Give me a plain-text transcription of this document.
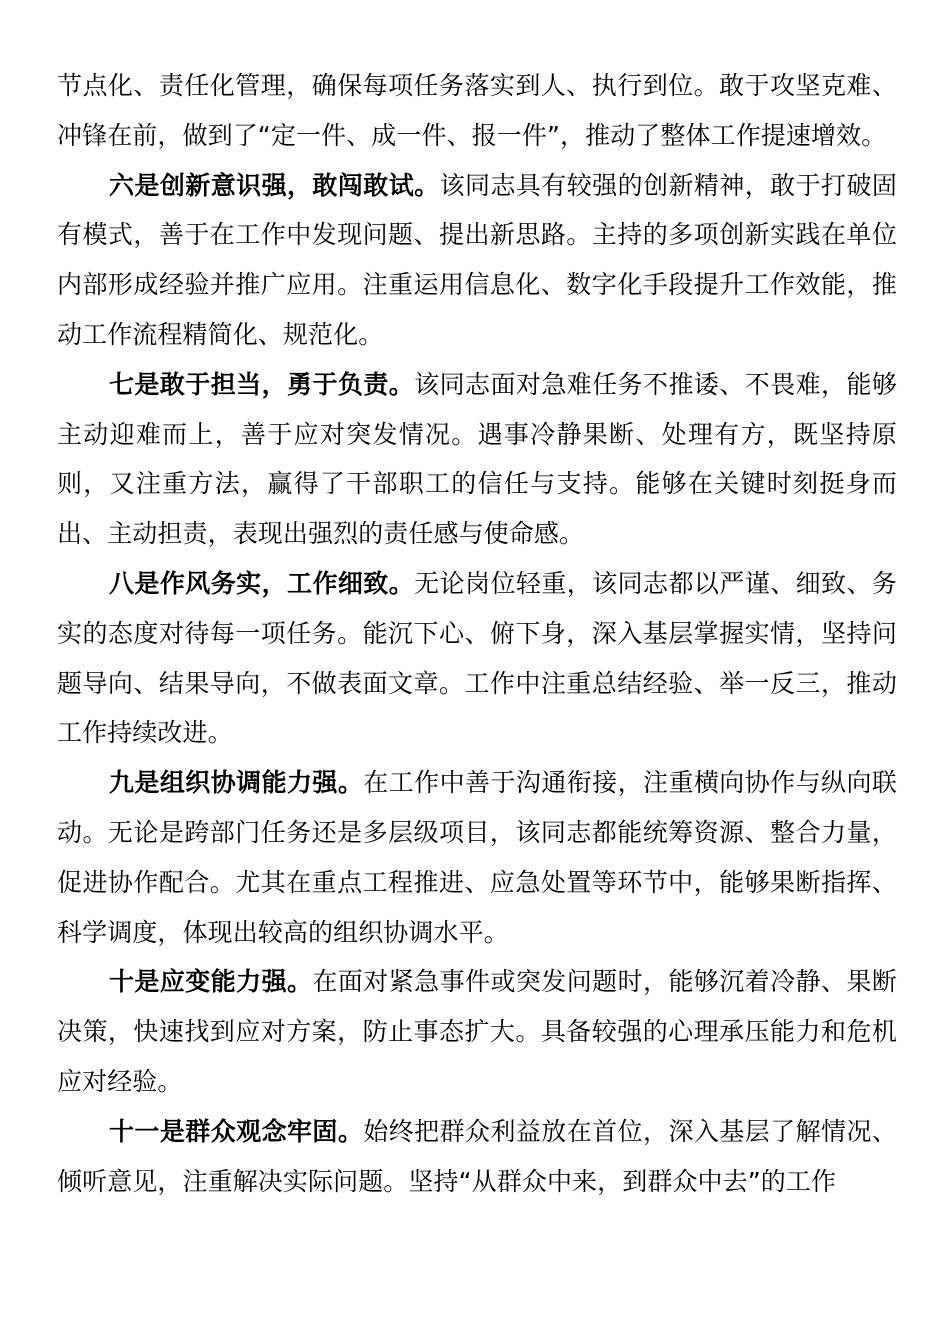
节点化、责任化管理，确保每项任务落实到人、执行到位。敢于攻坚克难、冲锋在前，做到了“定一件、成一件、报一件”，推动了整体工作提速增效。

六是创新意识强，敢闯敢试。该同志具有较强的创新精神，敢于打破固有模式，善于在工作中发现问题、提出新思路。主持的多项创新实践在单位内部形成经验并推广应用。注重运用信息化、数字化手段提升工作效能，推动工作流程精简化、规范化。

七是敢于担当，勇于负责。该同志面对急难任务不推诿、不畏难，能够主动迎难而上，善于应对突发情况。遇事冷静果断、处理有方，既坚持原则，又注重方法，赢得了干部职工的信任与支持。能够在关键时刻挺身而出、主动担责，表现出强烈的责任感与使命感。

八是作风务实，工作细致。无论岗位轻重，该同志都以严谨、细致、务实的态度对待每一项任务。能沉下心、俯下身，深入基层掌握实情，坚持问题导向、结果导向，不做表面文章。工作中注重总结经验、举一反三，推动工作持续改进。

九是组织协调能力强。在工作中善于沟通衔接，注重横向协作与纵向联动。无论是跨部门任务还是多层级项目，该同志都能统筹资源、整合力量，促进协作配合。尤其在重点工程推进、应急处置等环节中，能够果断指挥、科学调度，体现出较高的组织协调水平。

十是应变能力强。在面对紧急事件或突发问题时，能够沉着冷静、果断决策，快速找到应对方案，防止事态扩大。具备较强的心理承压能力和危机应对经验。

十一是群众观念牢固。始终把群众利益放在首位，深入基层了解情况、倾听意见，注重解决实际问题。坚持“从群众中来，到群众中去”的工作
